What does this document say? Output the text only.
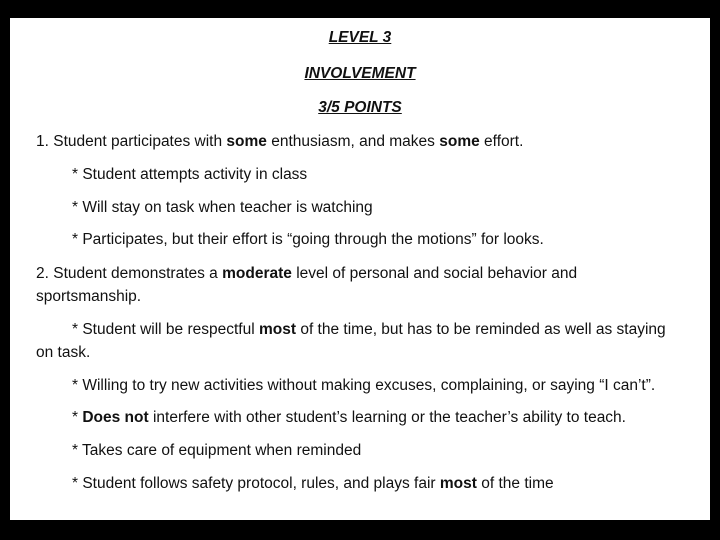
LEVEL 3
INVOLVEMENT
3/5 POINTS
1. Student participates with some enthusiasm, and makes some effort.
* Student attempts activity in class
* Will stay on task when teacher is watching
* Participates, but their effort is “going through the motions” for looks.
2. Student demonstrates a moderate level of personal and social behavior and
sportsmanship.
* Student will be respectful most of the time, but has to be reminded as well as staying
on task.
* Willing to try new activities without making excuses, complaining, or saying “I can’t”.
* Does not interfere with other student’s learning or the teacher’s ability to teach.
* Takes care of equipment when reminded
* Student follows safety protocol, rules, and plays fair most of the time
